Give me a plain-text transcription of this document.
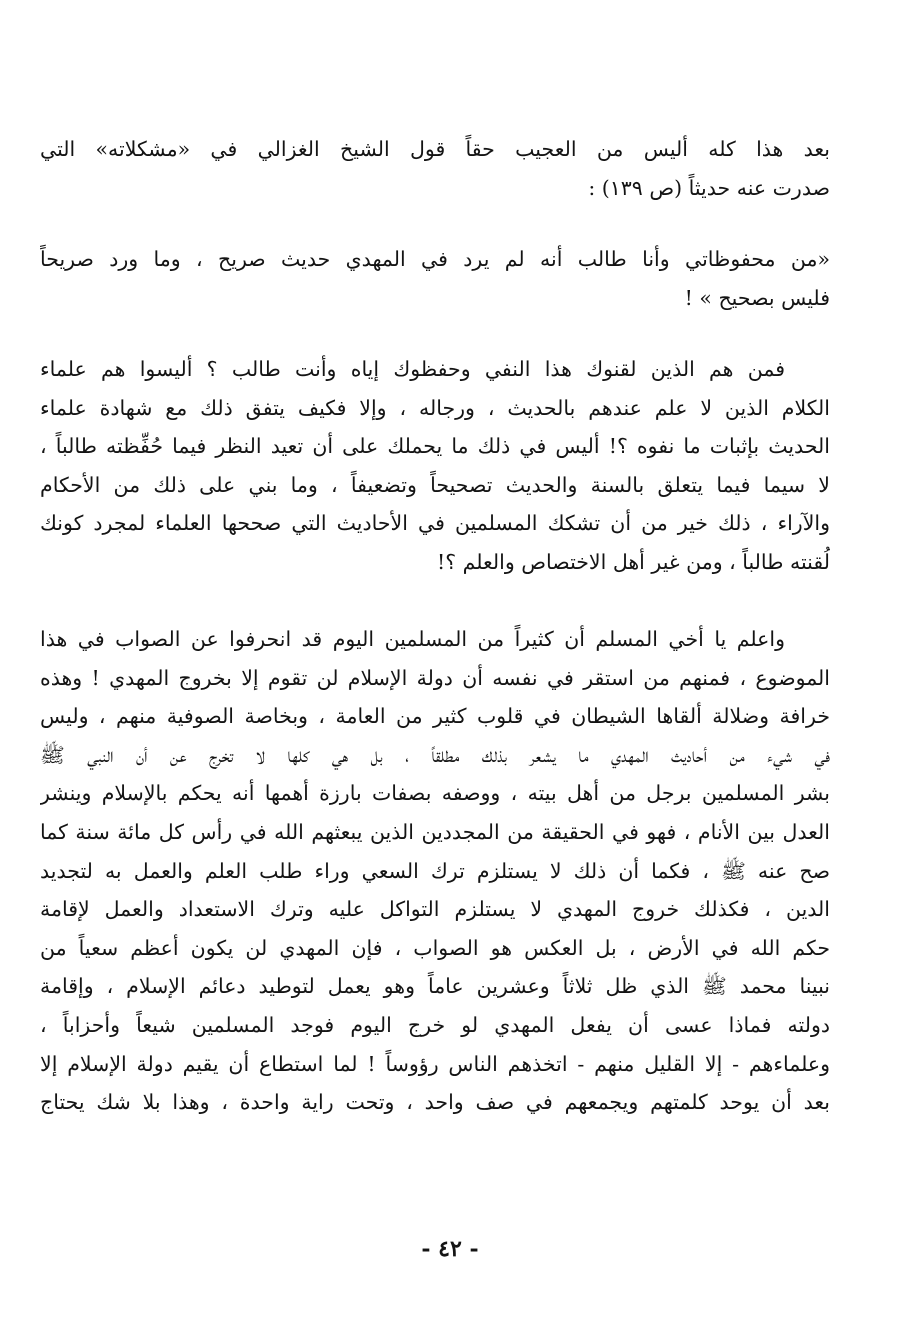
بعد هذا كله أليس من العجيب حقاً قول الشيخ الغزالي في «مشكلاته» التي
صدرت عنه حديثاً (ص ١٣٩) :
«من محفوظاتي وأنا طالب أنه لم يرد في المهدي حديث صريح ، وما ورد صريحاً
فليس بصحيح » !
فمن هم الذين لقنوك هذا النفي وحفظوك إياه وأنت طالب ؟ أليسوا هم علماء
الكلام الذين لا علم عندهم بالحديث ، ورجاله ، وإلا فكيف يتفق ذلك مع شهادة علماء
الحديث بإثبات ما نفوه ؟! أليس في ذلك ما يحملك على أن تعيد النظر فيما حُفِّظته طالباً ،
لا سيما فيما يتعلق بالسنة والحديث تصحيحاً وتضعيفاً ، وما بني على ذلك من الأحكام
والآراء ، ذلك خير من أن تشكك المسلمين في الأحاديث التي صححها العلماء لمجرد كونك
لُقنته طالباً ، ومن غير أهل الاختصاص والعلم ؟!
واعلم يا أخي المسلم أن كثيراً من المسلمين اليوم قد انحرفوا عن الصواب في هذا
الموضوع ، فمنهم من استقر في نفسه أن دولة الإسلام لن تقوم إلا بخروج المهدي ! وهذه
خرافة وضلالة ألقاها الشيطان في قلوب كثير من العامة ، وبخاصة الصوفية منهم ، وليس
في شيء من أحاديث المهدي ما يشعر بذلك مطلقاً ، بل هي كلها لا تخرج عن أن النبي ﷺ
بشر المسلمين برجل من أهل بيته ، ووصفه بصفات بارزة أهمها أنه يحكم بالإسلام وينشر
العدل بين الأنام ، فهو في الحقيقة من المجددين الذين يبعثهم الله في رأس كل مائة سنة كما
صح عنه ﷺ ، فكما أن ذلك لا يستلزم ترك السعي وراء طلب العلم والعمل به لتجديد
الدين ، فكذلك خروج المهدي لا يستلزم التواكل عليه وترك الاستعداد والعمل لإقامة
حكم الله في الأرض ، بل العكس هو الصواب ، فإن المهدي لن يكون أعظم سعياً من
نبينا محمد ﷺ الذي ظل ثلاثاً وعشرين عاماً وهو يعمل لتوطيد دعائم الإسلام ، وإقامة
دولته فماذا عسى أن يفعل المهدي لو خرج اليوم فوجد المسلمين شيعاً وأحزاباً ،
وعلماءهم - إلا القليل منهم - اتخذهم الناس رؤوساً ! لما استطاع أن يقيم دولة الإسلام إلا
بعد أن يوحد كلمتهم ويجمعهم في صف واحد ، وتحت راية واحدة ، وهذا بلا شك يحتاج
- ٤٢ -
